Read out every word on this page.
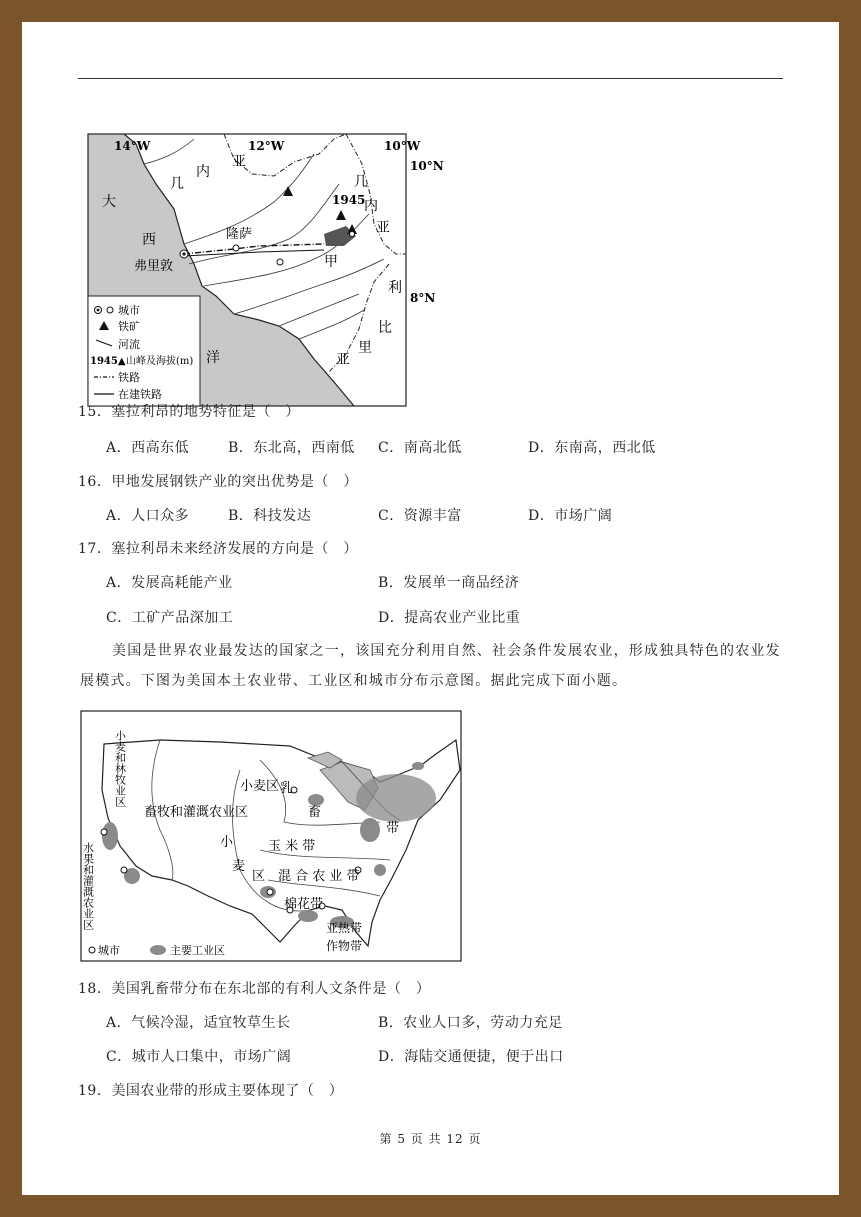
14°W	12°W	10°W
10°N
8°N
大
西
洋
几
内
亚
几
内
亚
利
比
里
亚
甲
隆萨
弗里敦
1945
城市
铁矿
河流
1945▲ 山峰及海拔(m)
铁路
在建铁路
15．塞拉利昂的地势特征是（　）
A．西高东低	B．东北高，西南低 C．南高北低	D．东南高，西北低
16．甲地发展钢铁产业的突出优势是（　）
A．人口众多	B．科技发达	C．资源丰富	D．市场广阔
17．塞拉利昂未来经济发展的方向是（　）
A．发展高耗能产业	B．发展单一商品经济
C．工矿产品深加工	D．提高农业产业比重
美国是世界农业最发达的国家之一，该国充分利用自然、社会条件发展农业，形成独具特色的农业发展模式。下图为美国本土农业带、工业区和城市分布示意图。据此完成下面小题。
小麦和林牧业区
畜牧和灌溉农业区
水果和灌溉农业区
小麦区
小
麦
区
乳
畜
带
玉 米 带
混 合 农 业 带
棉花带
亚热带
作物带
城市	主要工业区
18．美国乳畜带分布在东北部的有利人文条件是（　）
A．气候冷湿，适宜牧草生长	B．农业人口多，劳动力充足
C．城市人口集中，市场广阔	D．海陆交通便捷，便于出口
19．美国农业带的形成主要体现了（　）
第 5 页 共 12 页
